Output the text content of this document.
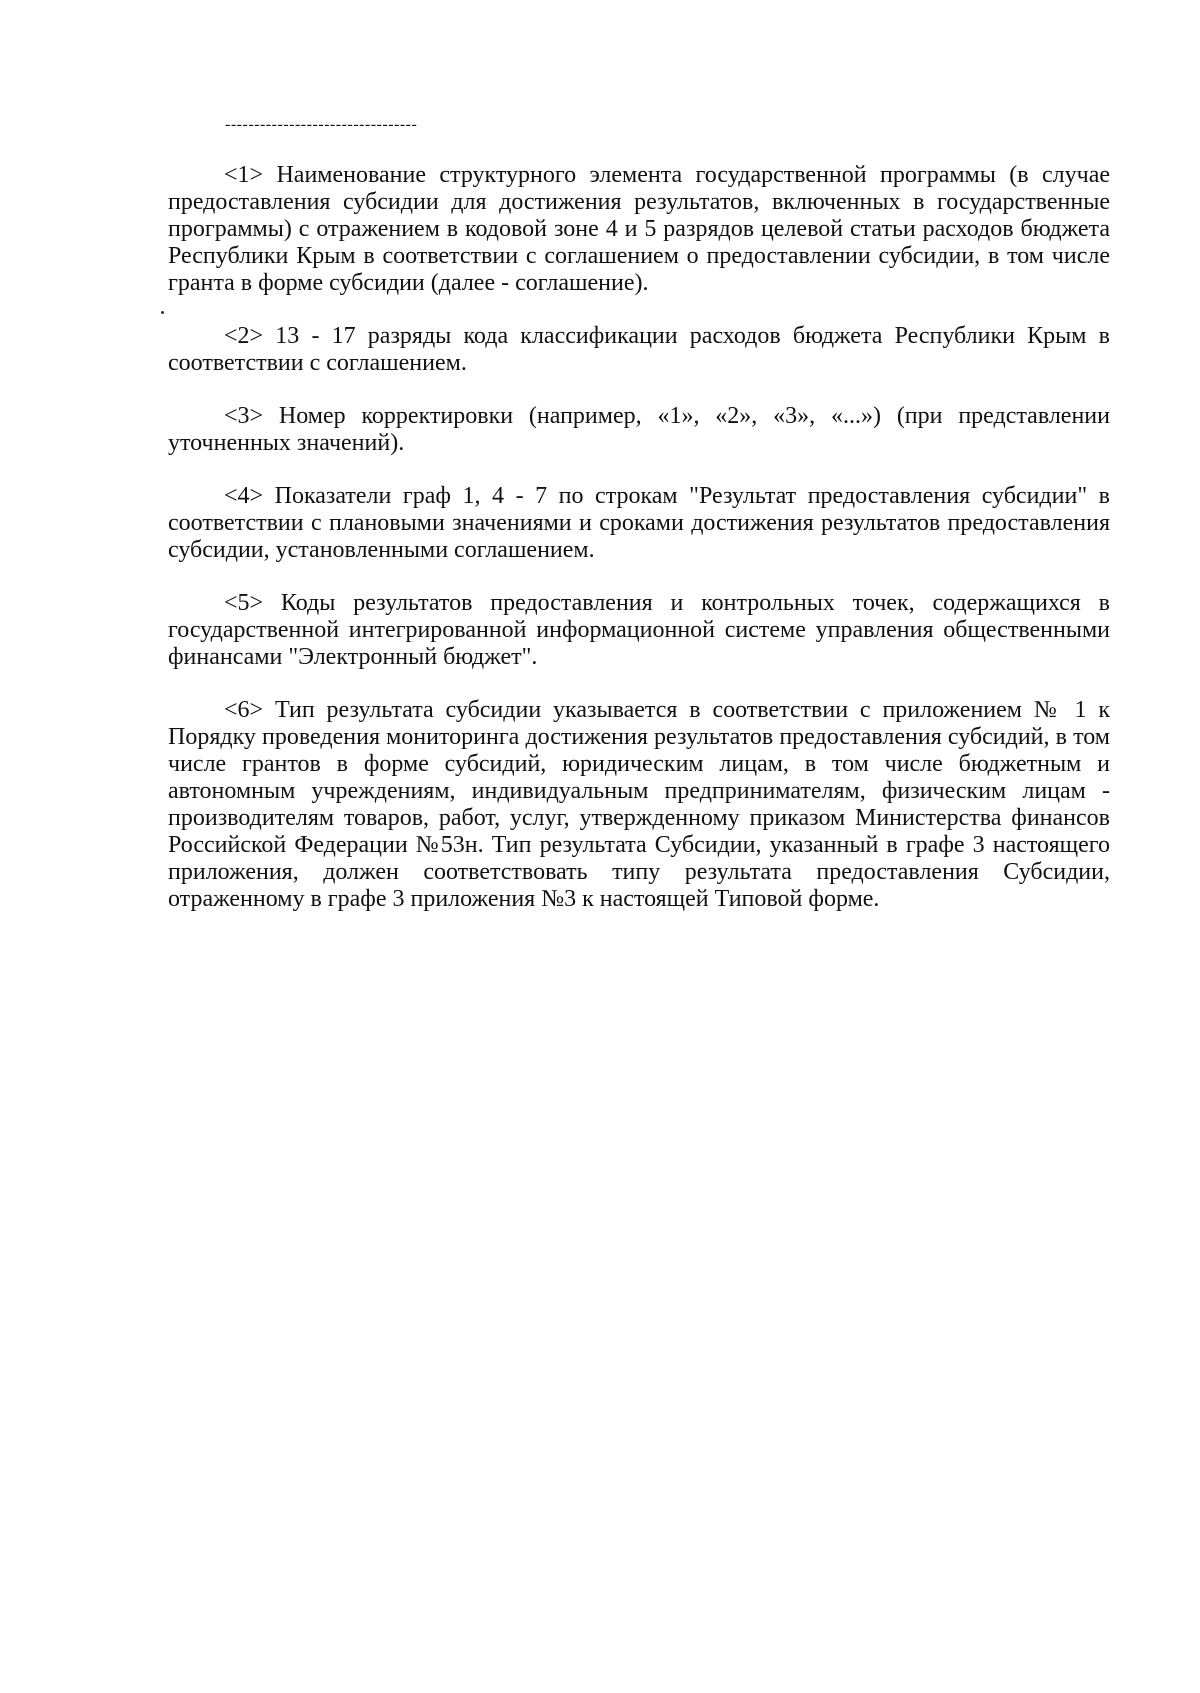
---------------------------------

<1> Наименование структурного элемента государственной программы (в случае предоставления субсидии для достижения результатов, включенных в государственные программы) с отражением в кодовой зоне 4 и 5 разрядов целевой статьи расходов бюджета Республики Крым в соответствии с соглашением о предоставлении субсидии, в том числе гранта в форме субсидии (далее - соглашение).

<2> 13 - 17 разряды кода классификации расходов бюджета Республики Крым в соответствии с соглашением.

<3> Номер корректировки (например, «1», «2», «3», «...») (при представлении уточненных значений).

<4> Показатели граф 1, 4 - 7 по строкам "Результат предоставления субсидии" в соответствии с плановыми значениями и сроками достижения результатов предоставления субсидии, установленными соглашением.

<5> Коды результатов предоставления и контрольных точек, содержащихся в государственной интегрированной информационной системе управления общественными финансами "Электронный бюджет".

<6> Тип результата субсидии указывается в соответствии с приложением № 1 к Порядку проведения мониторинга достижения результатов предоставления субсидий, в том числе грантов в форме субсидий, юридическим лицам, в том числе бюджетным и автономным учреждениям, индивидуальным предпринимателям, физическим лицам - производителям товаров, работ, услуг, утвержденному приказом Министерства финансов Российской Федерации №53н. Тип результата Субсидии, указанный в графе 3 настоящего приложения, должен соответствовать типу результата предоставления Субсидии, отраженному в графе 3 приложения №3 к настоящей Типовой форме.
